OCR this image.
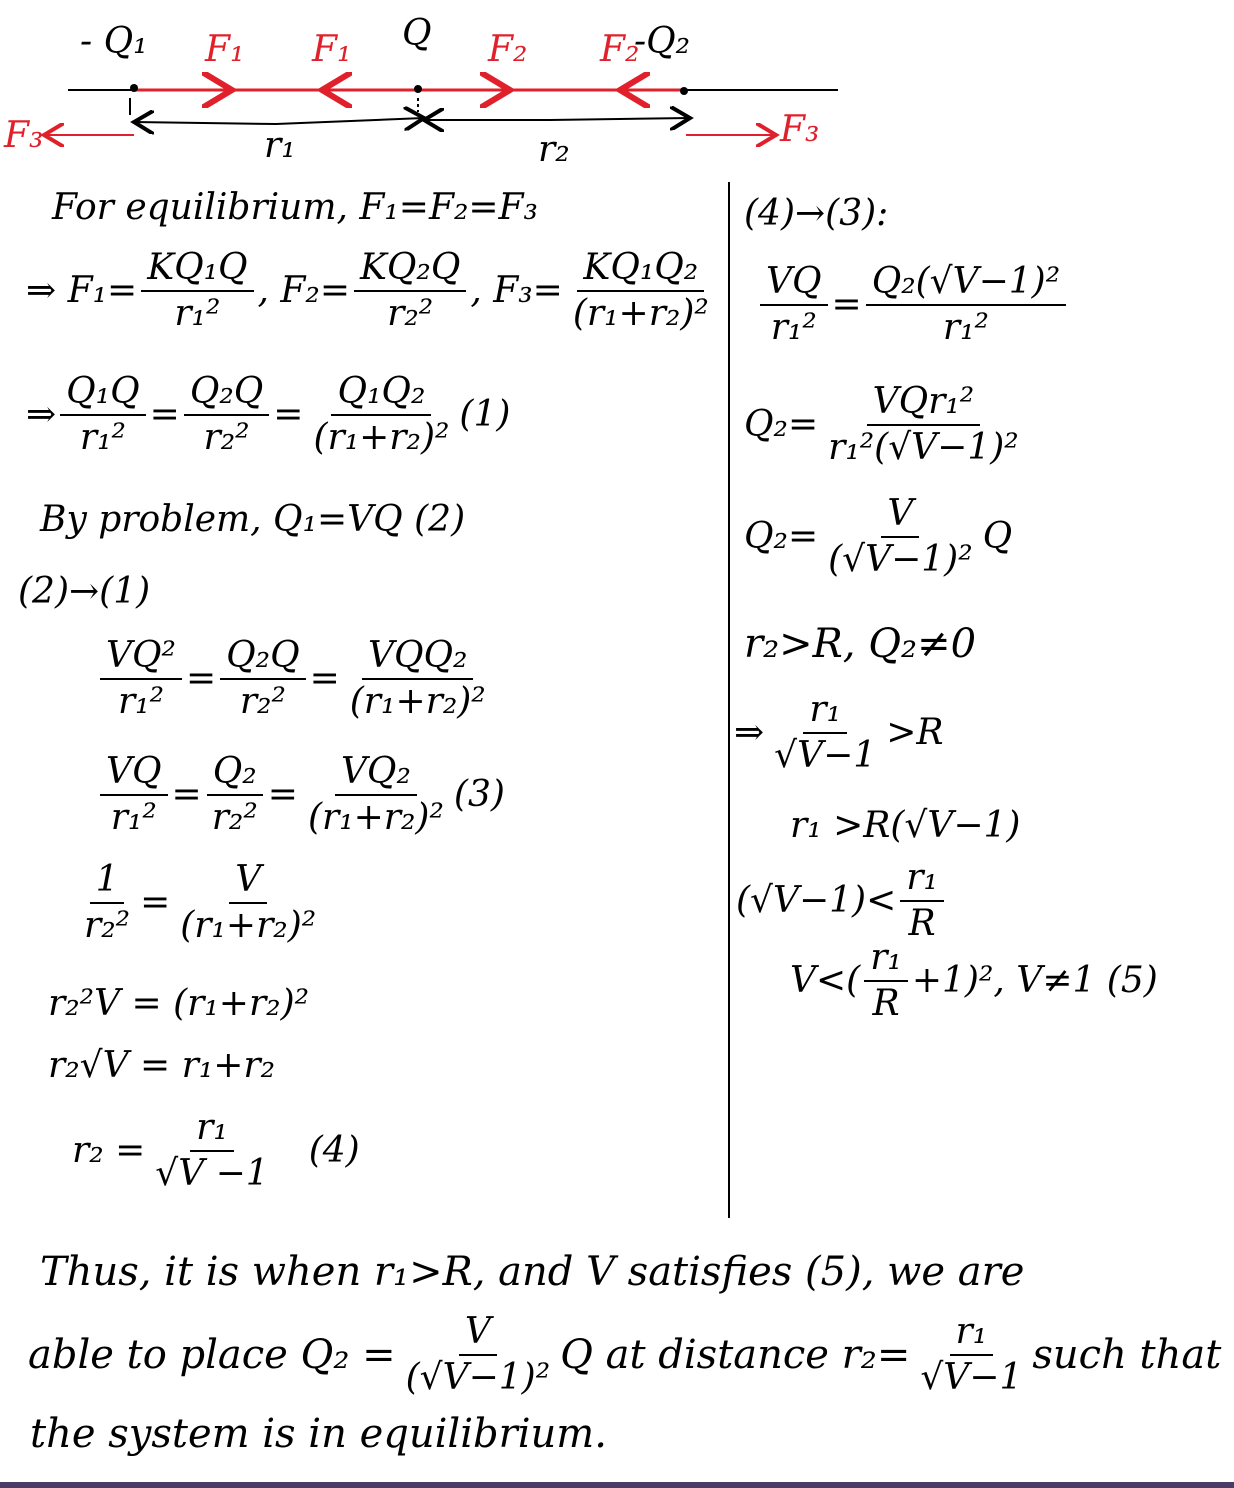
- Q₁ F₁ F₁ Q F₂ F₂
-Q₂
F₃	F₃
r₁	r₂
For equilibrium, F₁=F₂=F₃
⇒ $F_1= \frac{\text{KQ₁Q}}{\text{r₁²}}$ , $F_2= \frac{\text{KQ₂Q}}{\text{r₂²}}$ , $F_3= \frac{\text{KQ₁Q₂}}{\text{(r₁+r₂)²}}$
⇒ $\frac{\text{Q₁Q}}{\text{r₁²}} = \frac{\text{Q₂Q}}{\text{r₂²}} = \frac{\text{Q₁Q₂}}{\text{(r₁+r₂)²}} (1)$
By problem, Q₁=VQ (2)
(2)→(1)
$\frac{\text{VQ²}}{\text{r₁²}} = \frac{\text{Q₂Q}}{\text{r₂²}} = \frac{\text{VQQ₂}}{\text{(r₁+r₂)²}}$
$\frac{VQ}{\text{r₁²}} = \frac{\text{Q₂}}{\text{r₂²}} = \frac{\text{VQ₂}}{\text{(r₁+r₂)²}} (3)$
$\frac{1}{\text{r₂²}} = \frac{V}{\text{(r₁+r₂)²}}$
r₂²V = (r₁+r₂)²
r₂√V = r₁+r₂
$r_2 = \frac{\text{r₁}}{√V -1} (4)$
(4)→(3):
$\frac{VQ}{\text{r₁²}} = \frac{\text{Q₂(√V−1)²}}{\text{r₁²}}$
$Q_2= \frac{\text{VQr₁²}}{\text{r₁²(√V−1)²}}$
$Q_2= \frac{V}{\text{(√V−1)²}}$ Q
r₂>R, Q₂≠0
⇒ $\frac{\text{r₁}}{√V-1} >R$
r₁ >R(√V−1)
$(√V-1)< \frac{\text{r₁}}{R}$
$V<( \frac{\text{r₁}}{R} +1)^2$, V≠1 (5)
Thus, it is when r₁>R, and V satisfies (5), we are
able to place $Q_2 = \frac{V}{\text{(√V−1)²}}$ Q at distance $r_2= \frac{\text{r₁}}{√V-1}$ such that
the system is in equilibrium.
